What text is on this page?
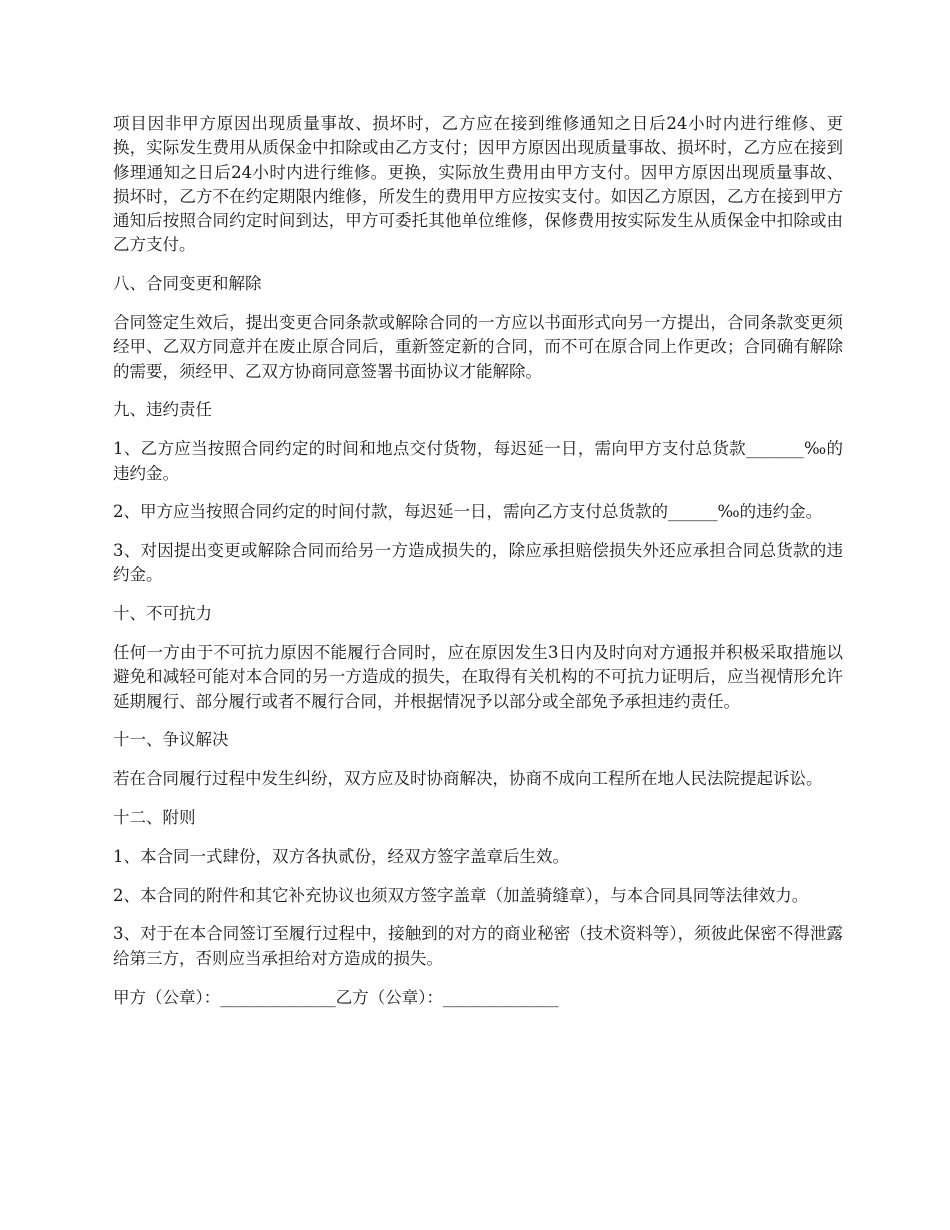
项目因非甲方原因出现质量事故、损坏时，乙方应在接到维修通知之日后24小时内进行维修、更换，实际发生费用从质保金中扣除或由乙方支付；因甲方原因出现质量事故、损坏时，乙方应在接到修理通知之日后24小时内进行维修。更换，实际放生费用由甲方支付。因甲方原因出现质量事故、损坏时，乙方不在约定期限内维修，所发生的费用甲方应按实支付。如因乙方原因，乙方在接到甲方通知后按照合同约定时间到达，甲方可委托其他单位维修，保修费用按实际发生从质保金中扣除或由乙方支付。

八、合同变更和解除

合同签定生效后，提出变更合同条款或解除合同的一方应以书面形式向另一方提出，合同条款变更须经甲、乙双方同意并在废止原合同后，重新签定新的合同，而不可在原合同上作更改；合同确有解除的需要，须经甲、乙双方协商同意签署书面协议才能解除。

九、违约责任

1、乙方应当按照合同约定的时间和地点交付货物，每迟延一日，需向甲方支付总货款_______‰的违约金。

2、甲方应当按照合同约定的时间付款，每迟延一日，需向乙方支付总货款的______‰的违约金。

3、对因提出变更或解除合同而给另一方造成损失的，除应承担赔偿损失外还应承担合同总货款的违约金。

十、不可抗力

任何一方由于不可抗力原因不能履行合同时，应在原因发生3日内及时向对方通报并积极采取措施以避免和减轻可能对本合同的另一方造成的损失，在取得有关机构的不可抗力证明后，应当视情形允许延期履行、部分履行或者不履行合同，并根据情况予以部分或全部免予承担违约责任。

十一、争议解决

若在合同履行过程中发生纠纷，双方应及时协商解决，协商不成向工程所在地人民法院提起诉讼。

十二、附则

1、本合同一式肆份，双方各执贰份，经双方签字盖章后生效。

2、本合同的附件和其它补充协议也须双方签字盖章（加盖骑缝章），与本合同具同等法律效力。

3、对于在本合同签订至履行过程中，接触到的对方的商业秘密（技术资料等），须彼此保密不得泄露给第三方，否则应当承担给对方造成的损失。

甲方（公章）：______________乙方（公章）：______________
